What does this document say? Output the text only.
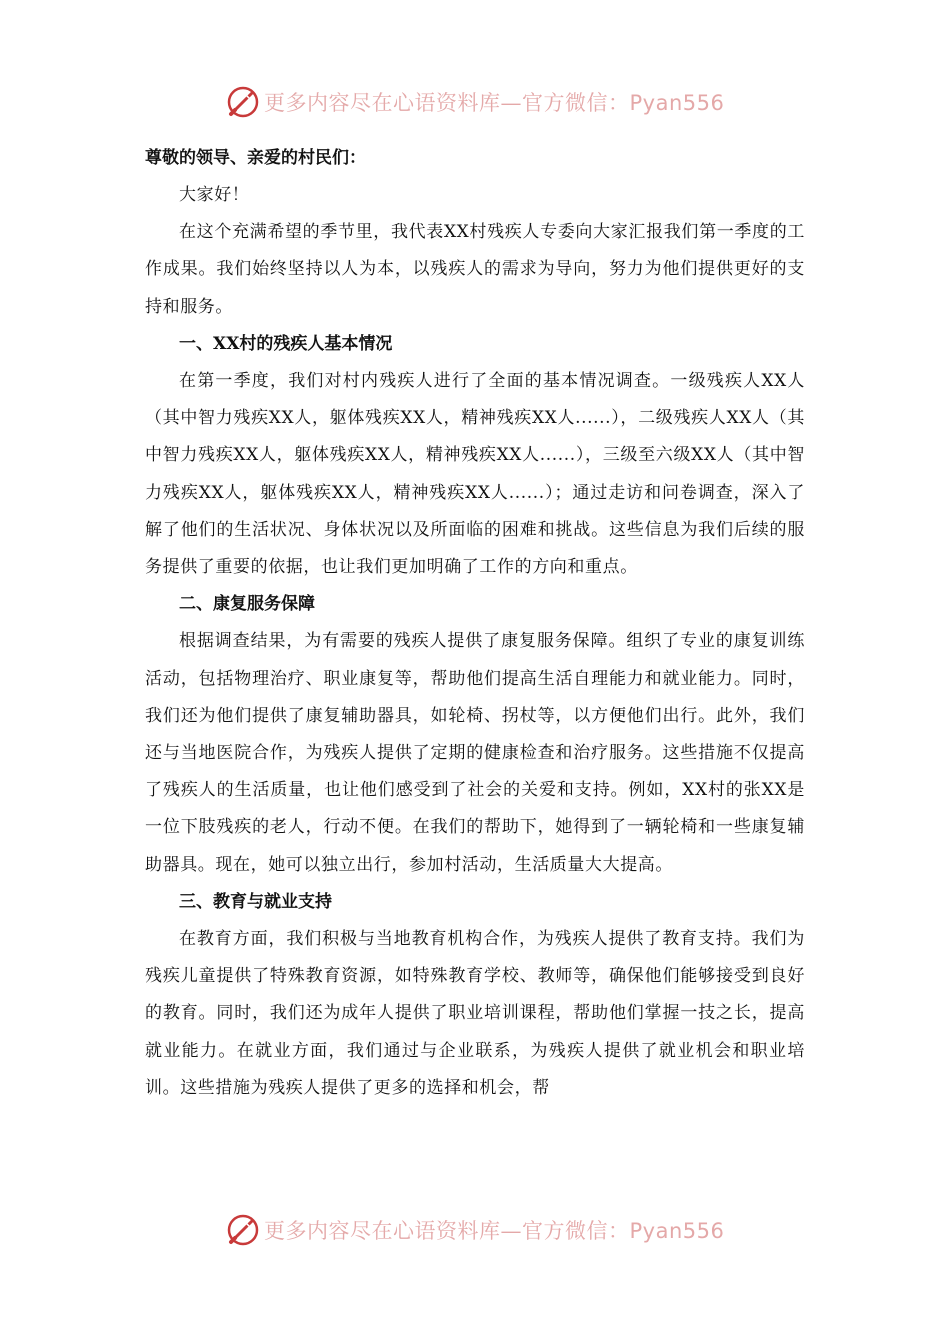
更多内容尽在心语资料库—官方微信：Pyan556

尊敬的领导、亲爱的村民们：

大家好！

在这个充满希望的季节里，我代表XX村残疾人专委向大家汇报我们第一季度的工作成果。我们始终坚持以人为本，以残疾人的需求为导向，努力为他们提供更好的支持和服务。

一、XX村的残疾人基本情况

在第一季度，我们对村内残疾人进行了全面的基本情况调查。一级残疾人XX人（其中智力残疾XX人，躯体残疾XX人，精神残疾XX人......），二级残疾人XX人（其中智力残疾XX人，躯体残疾XX人，精神残疾XX人......），三级至六级XX人（其中智力残疾XX人，躯体残疾XX人，精神残疾XX人......）；通过走访和问卷调查，深入了解了他们的生活状况、身体状况以及所面临的困难和挑战。这些信息为我们后续的服务提供了重要的依据，也让我们更加明确了工作的方向和重点。

二、康复服务保障

根据调查结果，为有需要的残疾人提供了康复服务保障。组织了专业的康复训练活动，包括物理治疗、职业康复等，帮助他们提高生活自理能力和就业能力。同时，我们还为他们提供了康复辅助器具，如轮椅、拐杖等，以方便他们出行。此外，我们还与当地医院合作，为残疾人提供了定期的健康检查和治疗服务。这些措施不仅提高了残疾人的生活质量，也让他们感受到了社会的关爱和支持。例如，XX村的张XX是一位下肢残疾的老人，行动不便。在我们的帮助下，她得到了一辆轮椅和一些康复辅助器具。现在，她可以独立出行，参加村活动，生活质量大大提高。

三、教育与就业支持

在教育方面，我们积极与当地教育机构合作，为残疾人提供了教育支持。我们为残疾儿童提供了特殊教育资源，如特殊教育学校、教师等，确保他们能够接受到良好的教育。同时，我们还为成年人提供了职业培训课程，帮助他们掌握一技之长，提高就业能力。在就业方面，我们通过与企业联系，为残疾人提供了就业机会和职业培训。这些措施为残疾人提供了更多的选择和机会，帮

更多内容尽在心语资料库—官方微信：Pyan556
